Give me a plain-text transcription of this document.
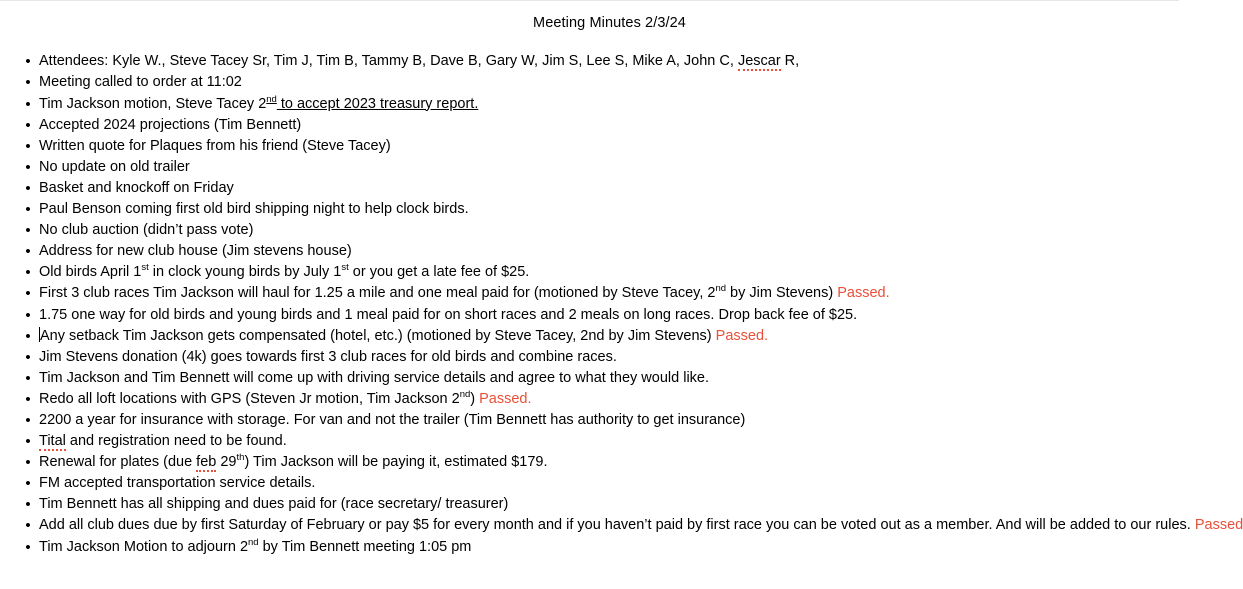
Meeting Minutes 2/3/24
• Attendees: Kyle W., Steve Tacey Sr, Tim J, Tim B, Tammy B, Dave B, Gary W, Jim S, Lee S, Mike A, John C, Jescar R,
• Meeting called to order at 11:02
• Tim Jackson motion, Steve Tacey 2nd to accept 2023 treasury report.
• Accepted 2024 projections (Tim Bennett)
• Written quote for Plaques from his friend (Steve Tacey)
• No update on old trailer
• Basket and knockoff on Friday
• Paul Benson coming first old bird shipping night to help clock birds.
• No club auction (didn’t pass vote)
• Address for new club house (Jim stevens house)
• Old birds April 1st in clock young birds by July 1st or you get a late fee of $25.
• First 3 club races Tim Jackson will haul for 1.25 a mile and one meal paid for (motioned by Steve Tacey, 2nd by Jim Stevens) Passed.
• 1.75 one way for old birds and young birds and 1 meal paid for on short races and 2 meals on long races. Drop back fee of $25.
• Any setback Tim Jackson gets compensated (hotel, etc.) (motioned by Steve Tacey, 2nd by Jim Stevens) Passed.
• Jim Stevens donation (4k) goes towards first 3 club races for old birds and combine races.
• Tim Jackson and Tim Bennett will come up with driving service details and agree to what they would like.
• Redo all loft locations with GPS (Steven Jr motion, Tim Jackson 2nd) Passed.
• 2200 a year for insurance with storage. For van and not the trailer (Tim Bennett has authority to get insurance)
• Tital and registration need to be found.
• Renewal for plates (due feb 29th) Tim Jackson will be paying it, estimated $179.
• FM accepted transportation service details.
• Tim Bennett has all shipping and dues paid for (race secretary/ treasurer)
• Add all club dues due by first Saturday of February or pay $5 for every month and if you haven’t paid by first race you can be voted out as a member. And will be added to our rules. Passed
• Tim Jackson Motion to adjourn 2nd by Tim Bennett meeting 1:05 pm
